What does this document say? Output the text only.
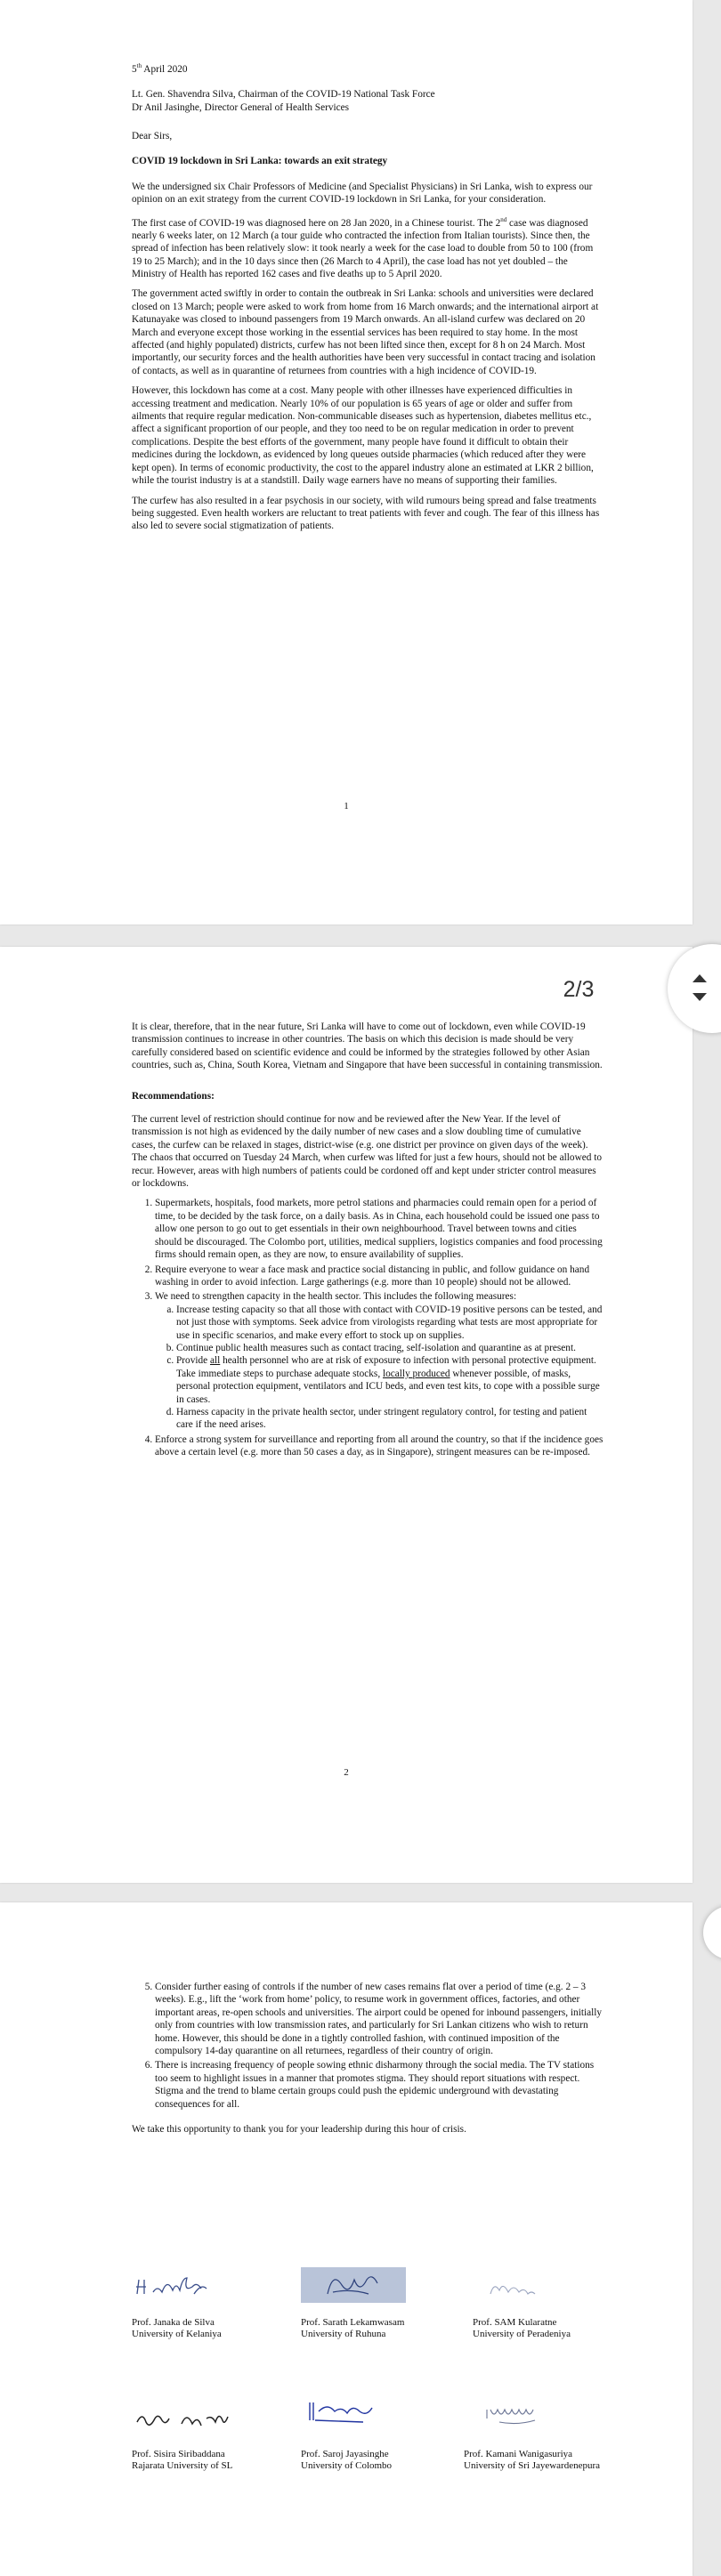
5th April 2020

Lt. Gen. Shavendra Silva, Chairman of the COVID-19 National Task Force
Dr Anil Jasinghe, Director General of Health Services

Dear Sirs,

COVID 19 lockdown in Sri Lanka: towards an exit strategy

We the undersigned six Chair Professors of Medicine (and Specialist Physicians) in Sri Lanka, wish to express our opinion on an exit strategy from the current COVID-19 lockdown in Sri Lanka, for your consideration.

The first case of COVID-19 was diagnosed here on 28 Jan 2020, in a Chinese tourist. The 2nd case was diagnosed nearly 6 weeks later, on 12 March (a tour guide who contracted the infection from Italian tourists). Since then, the spread of infection has been relatively slow: it took nearly a week for the case load to double from 50 to 100 (from 19 to 25 March); and in the 10 days since then (26 March to 4 April), the case load has not yet doubled – the Ministry of Health has reported 162 cases and five deaths up to 5 April 2020.

The government acted swiftly in order to contain the outbreak in Sri Lanka: schools and universities were declared closed on 13 March; people were asked to work from home from 16 March onwards; and the international airport at Katunayake was closed to inbound passengers from 19 March onwards. An all-island curfew was declared on 20 March and everyone except those working in the essential services has been required to stay home. In the most affected (and highly populated) districts, curfew has not been lifted since then, except for 8 h on 24 March. Most importantly, our security forces and the health authorities have been very successful in contact tracing and isolation of contacts, as well as in quarantine of returnees from countries with a high incidence of COVID-19.

However, this lockdown has come at a cost. Many people with other illnesses have experienced difficulties in accessing treatment and medication. Nearly 10% of our population is 65 years of age or older and suffer from ailments that require regular medication. Non-communicable diseases such as hypertension, diabetes mellitus etc., affect a significant proportion of our people, and they too need to be on regular medication in order to prevent complications. Despite the best efforts of the government, many people have found it difficult to obtain their medicines during the lockdown, as evidenced by long queues outside pharmacies (which reduced after they were kept open). In terms of economic productivity, the cost to the apparel industry alone an estimated at LKR 2 billion, while the tourist industry is at a standstill. Daily wage earners have no means of supporting their families.

The curfew has also resulted in a fear psychosis in our society, with wild rumours being spread and false treatments being suggested. Even health workers are reluctant to treat patients with fever and cough. The fear of this illness has also led to severe social stigmatization of patients.

1

It is clear, therefore, that in the near future, Sri Lanka will have to come out of lockdown, even while COVID-19 transmission continues to increase in other countries. The basis on which this decision is made should be very carefully considered based on scientific evidence and could be informed by the strategies followed by other Asian countries, such as, China, South Korea, Vietnam and Singapore that have been successful in containing transmission.

Recommendations:

The current level of restriction should continue for now and be reviewed after the New Year. If the level of transmission is not high as evidenced by the daily number of new cases and a slow doubling time of cumulative cases, the curfew can be relaxed in stages, district-wise (e.g. one district per province on given days of the week). The chaos that occurred on Tuesday 24 March, when curfew was lifted for just a few hours, should not be allowed to recur. However, areas with high numbers of patients could be cordoned off and kept under stricter control measures or lockdowns.

1. Supermarkets, hospitals, food markets, more petrol stations and pharmacies could remain open for a period of time, to be decided by the task force, on a daily basis. As in China, each household could be issued one pass to allow one person to go out to get essentials in their own neighbourhood. Travel between towns and cities should be discouraged. The Colombo port, utilities, medical suppliers, logistics companies and food processing firms should remain open, as they are now, to ensure availability of supplies.
2. Require everyone to wear a face mask and practice social distancing in public, and follow guidance on hand washing in order to avoid infection. Large gatherings (e.g. more than 10 people) should not be allowed.
3. We need to strengthen capacity in the health sector. This includes the following measures:
a. Increase testing capacity so that all those with contact with COVID-19 positive persons can be tested, and not just those with symptoms. Seek advice from virologists regarding what tests are most appropriate for use in specific scenarios, and make every effort to stock up on supplies.
b. Continue public health measures such as contact tracing, self-isolation and quarantine as at present.
c. Provide all health personnel who are at risk of exposure to infection with personal protective equipment. Take immediate steps to purchase adequate stocks, locally produced whenever possible, of masks, personal protection equipment, ventilators and ICU beds, and even test kits, to cope with a possible surge in cases.
d. Harness capacity in the private health sector, under stringent regulatory control, for testing and patient care if the need arises.
4. Enforce a strong system for surveillance and reporting from all around the country, so that if the incidence goes above a certain level (e.g. more than 50 cases a day, as in Singapore), stringent measures can be re-imposed.
2
5. Consider further easing of controls if the number of new cases remains flat over a period of time (e.g. 2 – 3 weeks). E.g., lift the ‘work from home’ policy, to resume work in government offices, factories, and other important areas, re-open schools and universities. The airport could be opened for inbound passengers, initially only from countries with low transmission rates, and particularly for Sri Lankan citizens who wish to return home. However, this should be done in a tightly controlled fashion, with continued imposition of the compulsory 14-day quarantine on all returnees, regardless of their country of origin.
6. There is increasing frequency of people sowing ethnic disharmony through the social media. The TV stations too seem to highlight issues in a manner that promotes stigma. They should report situations with respect. Stigma and the trend to blame certain groups could push the epidemic underground with devastating consequences for all.

We take this opportunity to thank you for your leadership during this hour of crisis.

Prof. Janaka de Silva
University of Kelaniya
Prof. Sarath Lekamwasam
University of Ruhuna
Prof. SAM Kularatne
University of Peradeniya
Prof. Sisira Siribaddana
Rajarata University of SL
Prof. Saroj Jayasinghe
University of Colombo
Prof. Kamani Wanigasuriya
University of Sri Jayewardenepura
2/3
